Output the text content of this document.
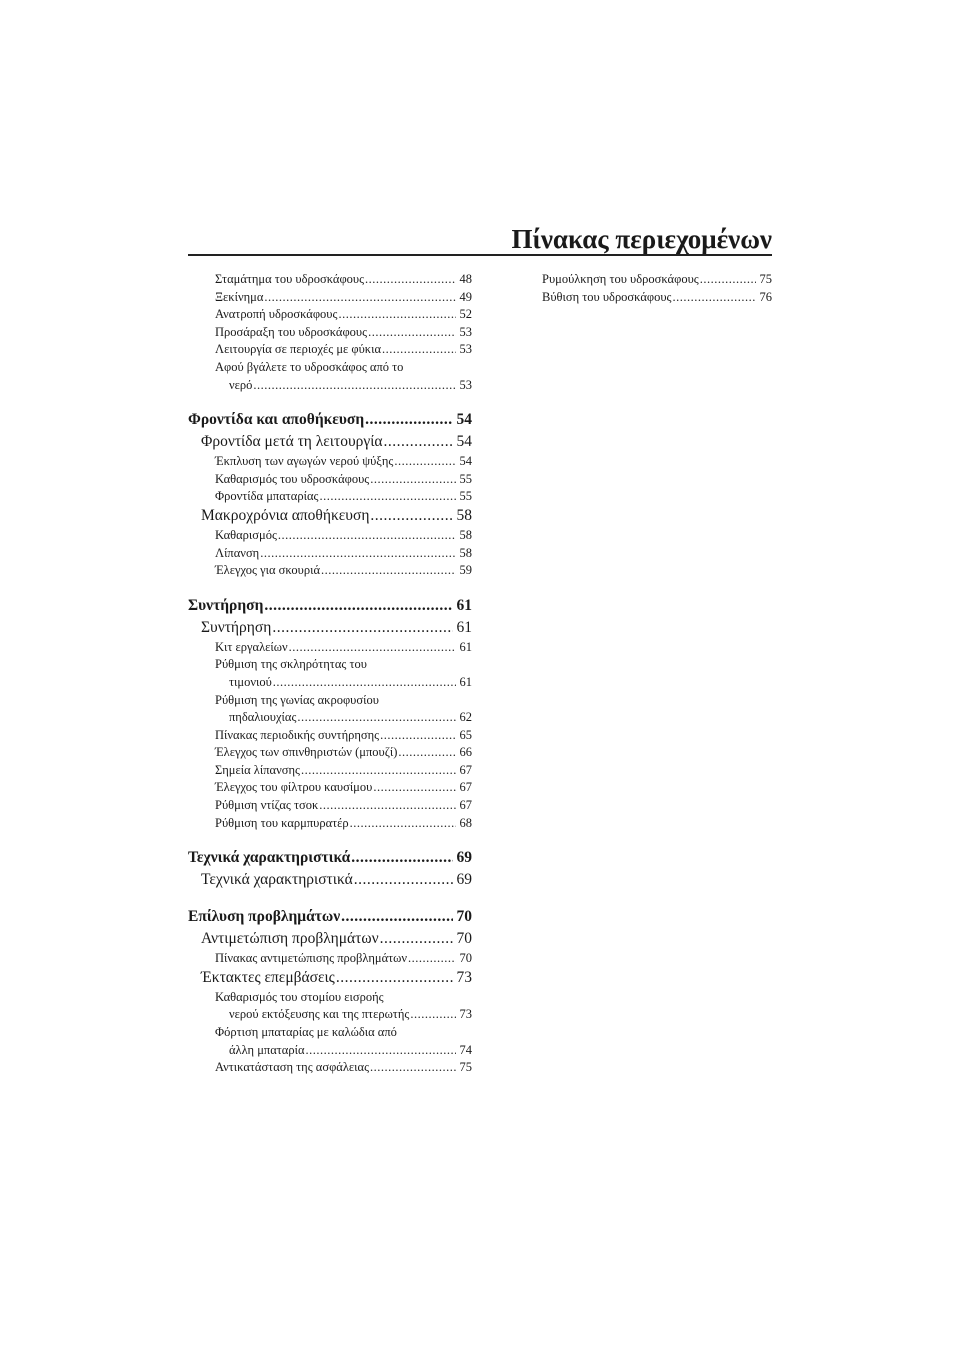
Πίνακας περιεχομένων
Σταμάτημα του υδροσκάφους .....	48
Ξεκίνημα .....	49
Ανατροπή υδροσκάφους .....	52
Προσάραξη του υδροσκάφους .....	53
Λειτουργία σε περιοχές με φύκια .....	53
Αφού βγάλετε το υδροσκάφος από το
νερό .....	53
Φροντίδα και αποθήκευση .....	54
Φροντίδα μετά τη λειτουργία .....	54
Έκπλυση των αγωγών νερού ψύξης .....	54
Καθαρισμός του υδροσκάφους .....	55
Φροντίδα μπαταρίας .....	55
Μακροχρόνια αποθήκευση .....	58
Καθαρισμός .....	58
Λίπανση .....	58
Έλεγχος για σκουριά .....	59
Συντήρηση .....	61
Συντήρηση .....	61
Κιτ εργαλείων .....	61
Ρύθμιση της σκληρότητας του
τιμονιού .....	61
Ρύθμιση της γωνίας ακροφυσίου
πηδαλιουχίας .....	62
Πίνακας περιοδικής συντήρησης .....	65
Έλεγχος των σπινθηριστών (μπουζί) .....	66
Σημεία λίπανσης .....	67
Έλεγχος του φίλτρου καυσίμου .....	67
Ρύθμιση ντίζας τσοκ .....	67
Ρύθμιση του καρμπυρατέρ .....	68
Τεχνικά χαρακτηριστικά .....	69
Τεχνικά χαρακτηριστικά .....	69
Επίλυση προβλημάτων .....	70
Αντιμετώπιση προβλημάτων .....	70
Πίνακας αντιμετώπισης προβλημάτων .....	70
Έκτακτες επεμβάσεις .....	73
Καθαρισμός του στομίου εισροής
νερού εκτόξευσης και της πτερωτής .....	73
Φόρτιση μπαταρίας με καλώδια από
άλλη μπαταρία .....	74
Αντικατάσταση της ασφάλειας .....	75
Ρυμούλκηση του υδροσκάφους .....	75
Βύθιση του υδροσκάφους .....	76
